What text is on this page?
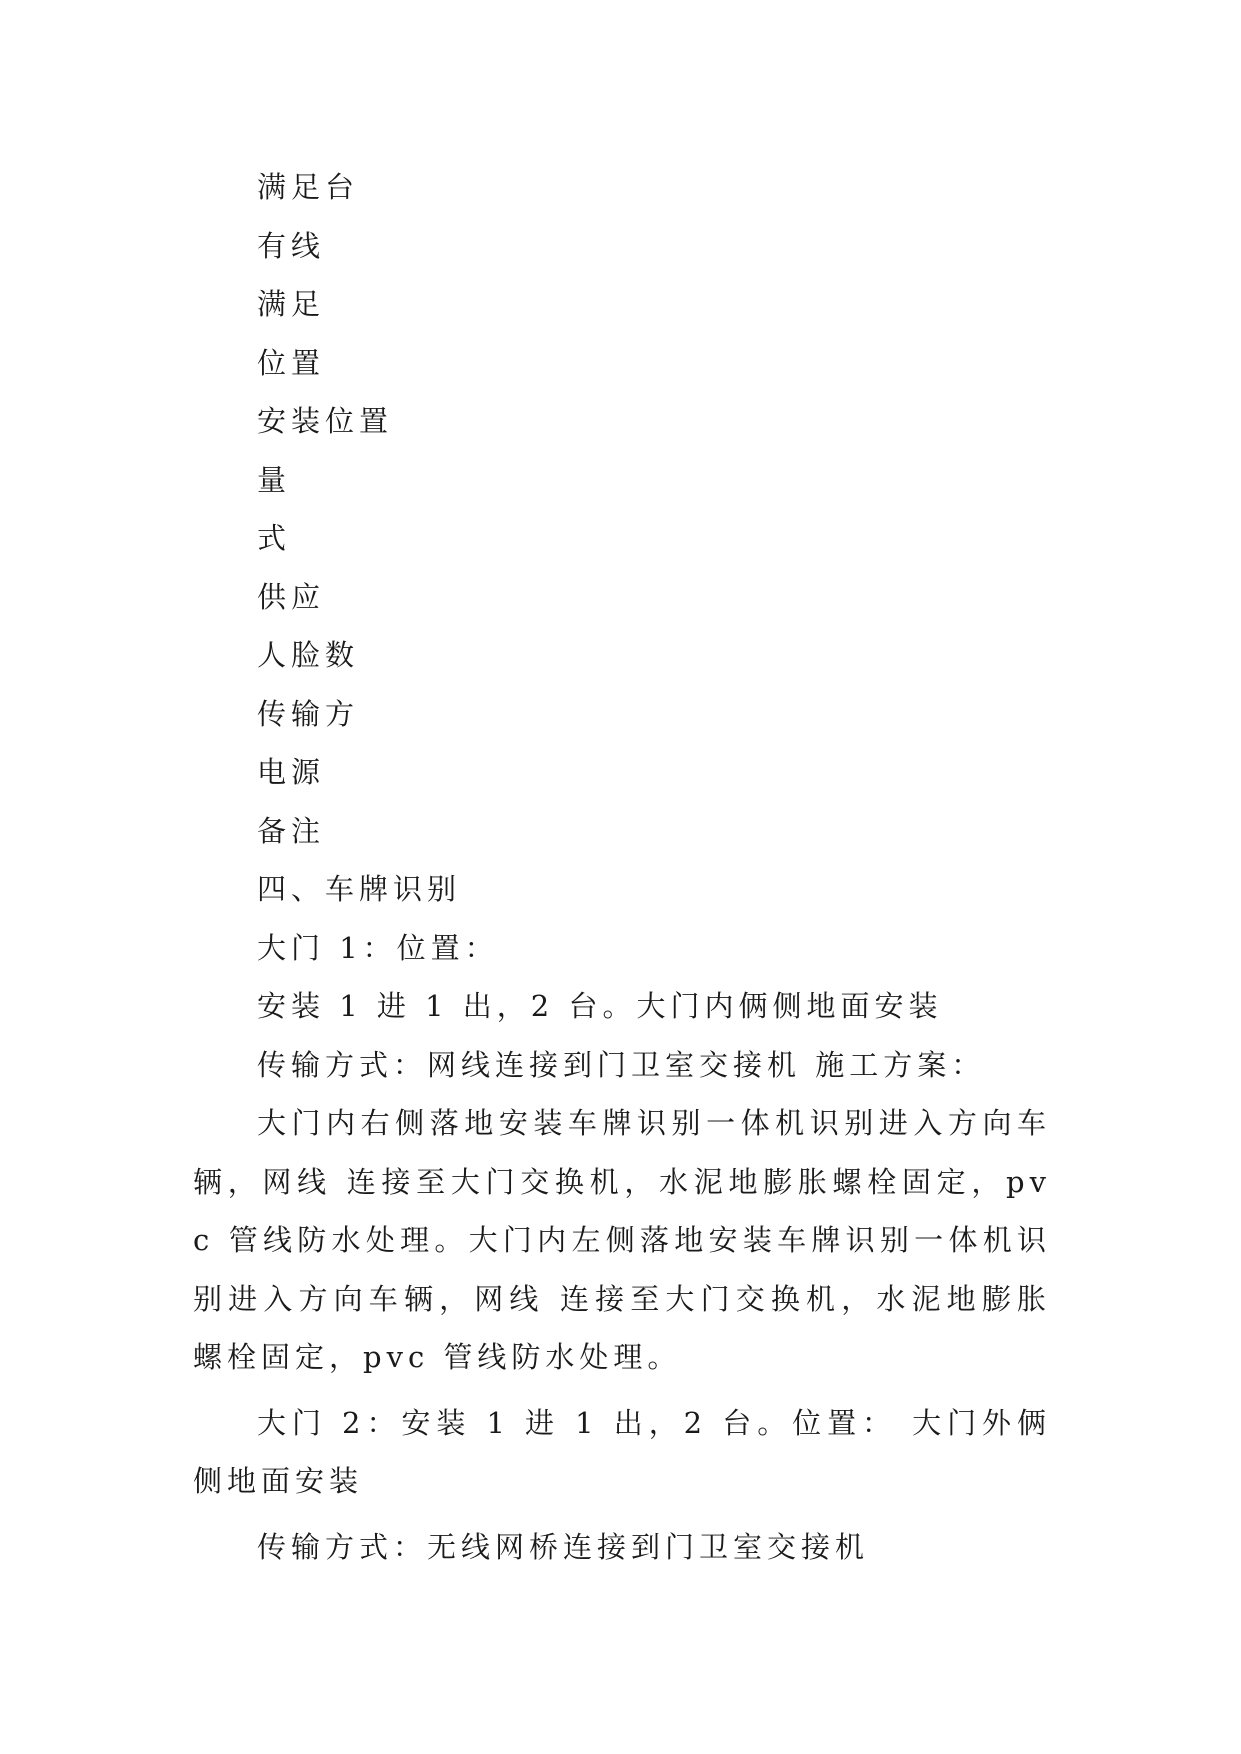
满足台
有线
满足
位置
安装位置
量
式
供应
人脸数
传输方
电源
备注
四、车牌识别
大门 1：位置：
安装 1 进 1 出，2 台。大门内俩侧地面安装
传输方式：网线连接到门卫室交接机 施工方案：

大门内右侧落地安装车牌识别一体机识别进入方向车辆，网线 连接至大门交换机，水泥地膨胀螺栓固定，pvc 管线防水处理。大门内左侧落地安装车牌识别一体机识别进入方向车辆，网线 连接至大门交换机，水泥地膨胀螺栓固定，pvc 管线防水处理。

大门 2：安装 1 进 1 出，2 台。位置： 大门外俩侧地面安装

传输方式：无线网桥连接到门卫室交接机
